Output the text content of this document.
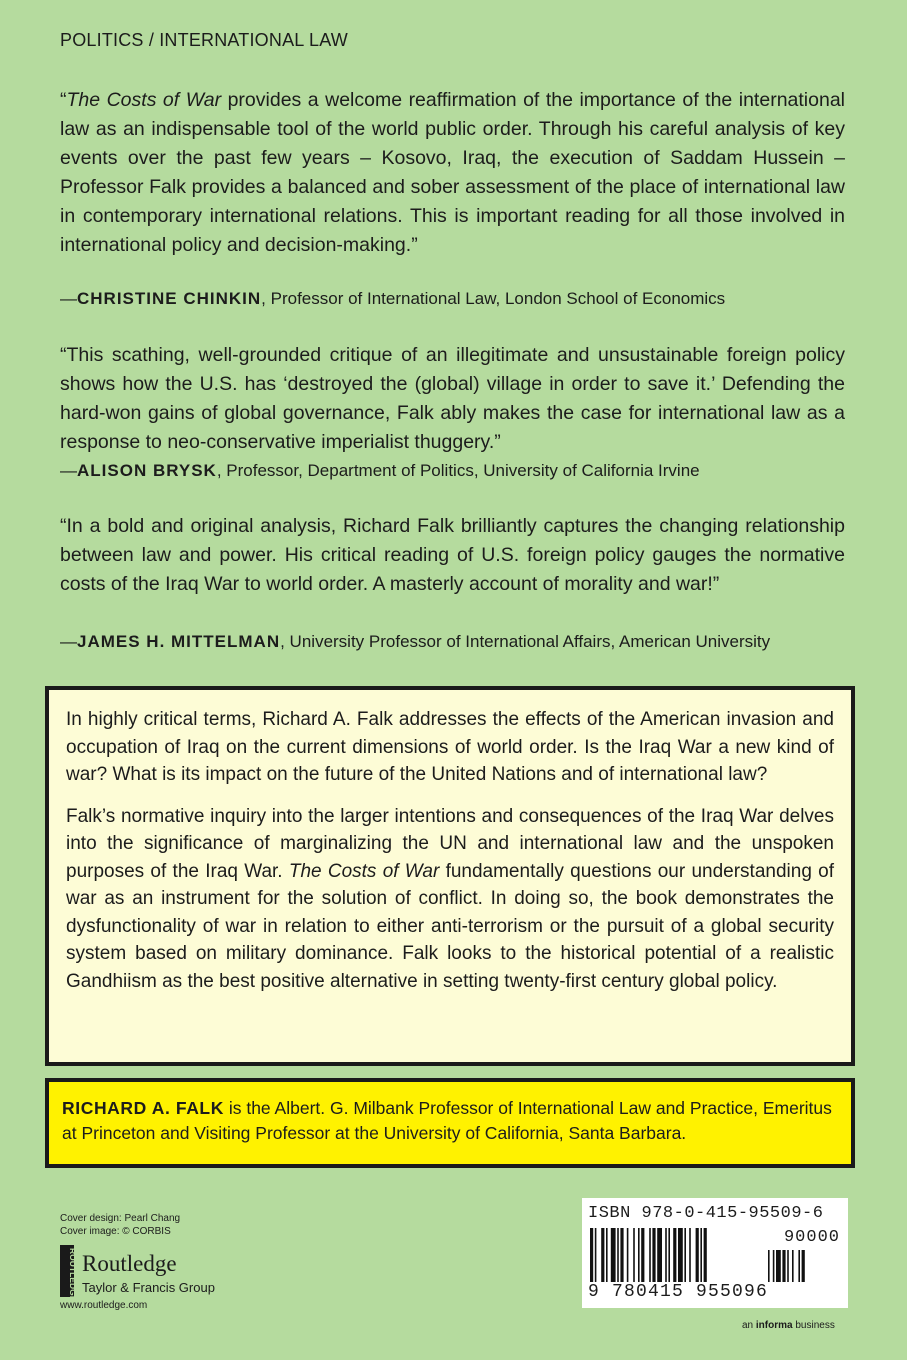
POLITICS / INTERNATIONAL LAW

“The Costs of War provides a welcome reaffirmation of the importance of the international law as an indispensable tool of the world public order. Through his careful analysis of key events over the past few years – Kosovo, Iraq, the execution of Saddam Hussein – Professor Falk provides a balanced and sober assessment of the place of international law in contemporary international relations. This is important reading for all those involved in international policy and decision-making.”

—CHRISTINE CHINKIN, Professor of International Law, London School of Economics

“This scathing, well-grounded critique of an illegitimate and unsustainable foreign policy shows how the U.S. has ‘destroyed the (global) village in order to save it.’ Defending the hard-won gains of global governance, Falk ably makes the case for international law as a response to neo-conservative imperialist thuggery.”

—ALISON BRYSK, Professor, Department of Politics, University of California Irvine

“In a bold and original analysis, Richard Falk brilliantly captures the changing relationship between law and power. His critical reading of U.S. foreign policy gauges the normative costs of the Iraq War to world order. A masterly account of morality and war!”

—JAMES H. MITTELMAN, University Professor of International Affairs, American University

In highly critical terms, Richard A. Falk addresses the effects of the American invasion and occupation of Iraq on the current dimensions of world order. Is the Iraq War a new kind of war? What is its impact on the future of the United Nations and of international law?

Falk’s normative inquiry into the larger intentions and consequences of the Iraq War delves into the significance of marginalizing the UN and international law and the unspoken purposes of the Iraq War. The Costs of War fundamentally questions our understanding of war as an instrument for the solution of conflict. In doing so, the book demonstrates the dysfunctionality of war in relation to either anti-terrorism or the pursuit of a global security system based on military dominance. Falk looks to the historical potential of a realistic Gandhiism as the best positive alternative in setting twenty-first century global policy.

RICHARD A. FALK is the Albert. G. Milbank Professor of International Law and Practice, Emeritus at Princeton and Visiting Professor at the University of California, Santa Barbara.
Cover design: Pearl Chang
Cover image: © CORBIS
ROUTLEDGE Routledge
Taylor & Francis Group
www.routledge.com
ISBN 978-0-415-95509-6
90000
9 780415 955096
an informa business
